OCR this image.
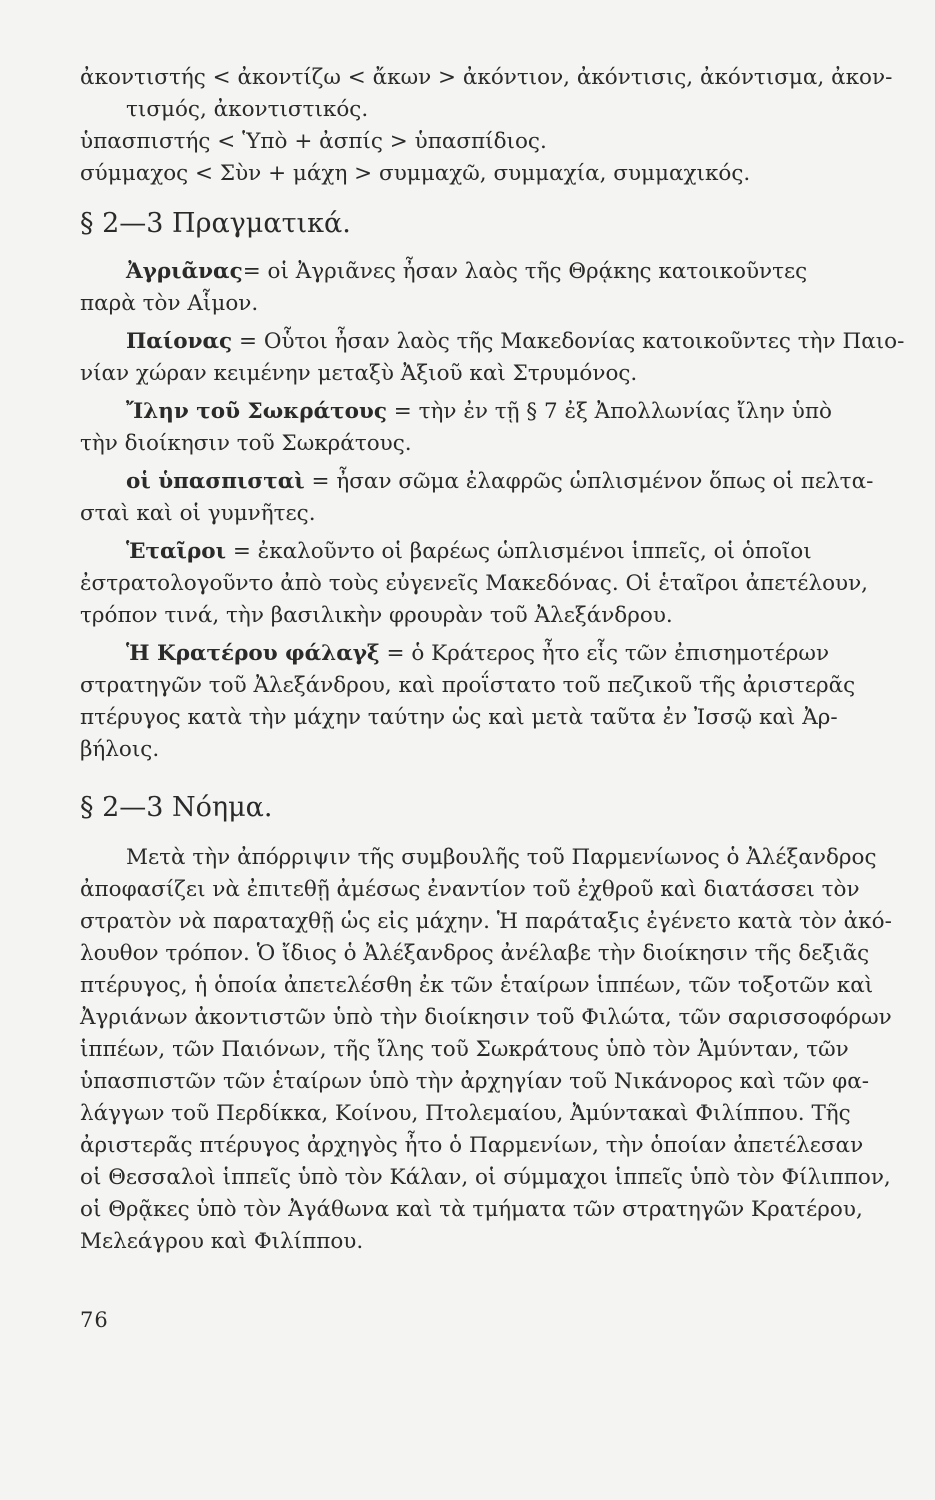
ἀκοντιστής < ἀκοντίζω < ἄκων > ἀκόντιον, ἀκόντισις, ἀκόντισμα, ἀκον-
τισμός, ἀκοντιστικός.
ὑπασπιστής < Ὑπὸ + ἀσπίς > ὑπασπίδιος.
σύμμαχος < Σὺν + μάχη > συμμαχῶ, συμμαχία, συμμαχικός.
§ 2—3 Πραγματικά.
Ἀγριᾶνας= οἱ Ἀγριᾶνες ἦσαν λαὸς τῆς Θρᾴκης κατοικοῦντες
παρὰ τὸν Αἷμον.
Παίονας = Οὗτοι ἦσαν λαὸς τῆς Μακεδονίας κατοικοῦντες τὴν Παιο-
νίαν χώραν κειμένην μεταξὺ Ἀξιοῦ καὶ Στρυμόνος.
Ἴλην τοῦ Σωκράτους = τὴν ἐν τῇ § 7 ἐξ Ἀπολλωνίας ἴλην ὑπὸ
τὴν διοίκησιν τοῦ Σωκράτους.
οἱ ὑπασπισταὶ = ἦσαν σῶμα ἐλαφρῶς ὡπλισμένον ὅπως οἱ πελτα-
σταὶ καὶ οἱ γυμνῆτες.
Ἑταῖροι = ἐκαλοῦντο οἱ βαρέως ὡπλισμένοι ἱππεῖς, οἱ ὁποῖοι
ἐστρατολογοῦντο ἀπὸ τοὺς εὐγενεῖς Μακεδόνας. Οἱ ἑταῖροι ἀπετέλουν,
τρόπον τινά, τὴν βασιλικὴν φρουρὰν τοῦ Ἀλεξάνδρου.
Ἡ Κρατέρου φάλαγξ = ὁ Κράτερος ἦτο εἷς τῶν ἐπισημοτέρων
στρατηγῶν τοῦ Ἀλεξάνδρου, καὶ προΐστατο τοῦ πεζικοῦ τῆς ἀριστερᾶς
πτέρυγος κατὰ τὴν μάχην ταύτην ὡς καὶ μετὰ ταῦτα ἐν Ἰσσῷ καὶ Ἀρ-
βήλοις.
§ 2—3 Νόημα.
Μετὰ τὴν ἀπόρριψιν τῆς συμβουλῆς τοῦ Παρμενίωνος ὁ Ἀλέξανδρος
ἀποφασίζει νὰ ἐπιτεθῇ ἀμέσως ἐναντίον τοῦ ἐχθροῦ καὶ διατάσσει τὸν
στρατὸν νὰ παραταχθῇ ὡς εἰς μάχην. Ἡ παράταξις ἐγένετο κατὰ τὸν ἀκό-
λουθον τρόπον. Ὁ ἴδιος ὁ Ἀλέξανδρος ἀνέλαβε τὴν διοίκησιν τῆς δεξιᾶς
πτέρυγος, ἡ ὁποία ἀπετελέσθη ἐκ τῶν ἑταίρων ἱππέων, τῶν τοξοτῶν καὶ
Ἀγριάνων ἀκοντιστῶν ὑπὸ τὴν διοίκησιν τοῦ Φιλώτα, τῶν σαρισσοφόρων
ἱππέων, τῶν Παιόνων, τῆς ἴλης τοῦ Σωκράτους ὑπὸ τὸν Ἀμύνταν, τῶν
ὑπασπιστῶν τῶν ἑταίρων ὑπὸ τὴν ἀρχηγίαν τοῦ Νικάνορος καὶ τῶν φα-
λάγγων τοῦ Περδίκκα, Κοίνου, Πτολεμαίου, Ἀμύντακαὶ Φιλίππου. Τῆς
ἀριστερᾶς πτέρυγος ἀρχηγὸς ἦτο ὁ Παρμενίων, τὴν ὁποίαν ἀπετέλεσαν
οἱ Θεσσαλοὶ ἱππεῖς ὑπὸ τὸν Κάλαν, οἱ σύμμαχοι ἱππεῖς ὑπὸ τὸν Φίλιππον,
οἱ Θρᾷκες ὑπὸ τὸν Ἀγάθωνα καὶ τὰ τμήματα τῶν στρατηγῶν Κρατέρου,
Μελεάγρου καὶ Φιλίππου.
76
